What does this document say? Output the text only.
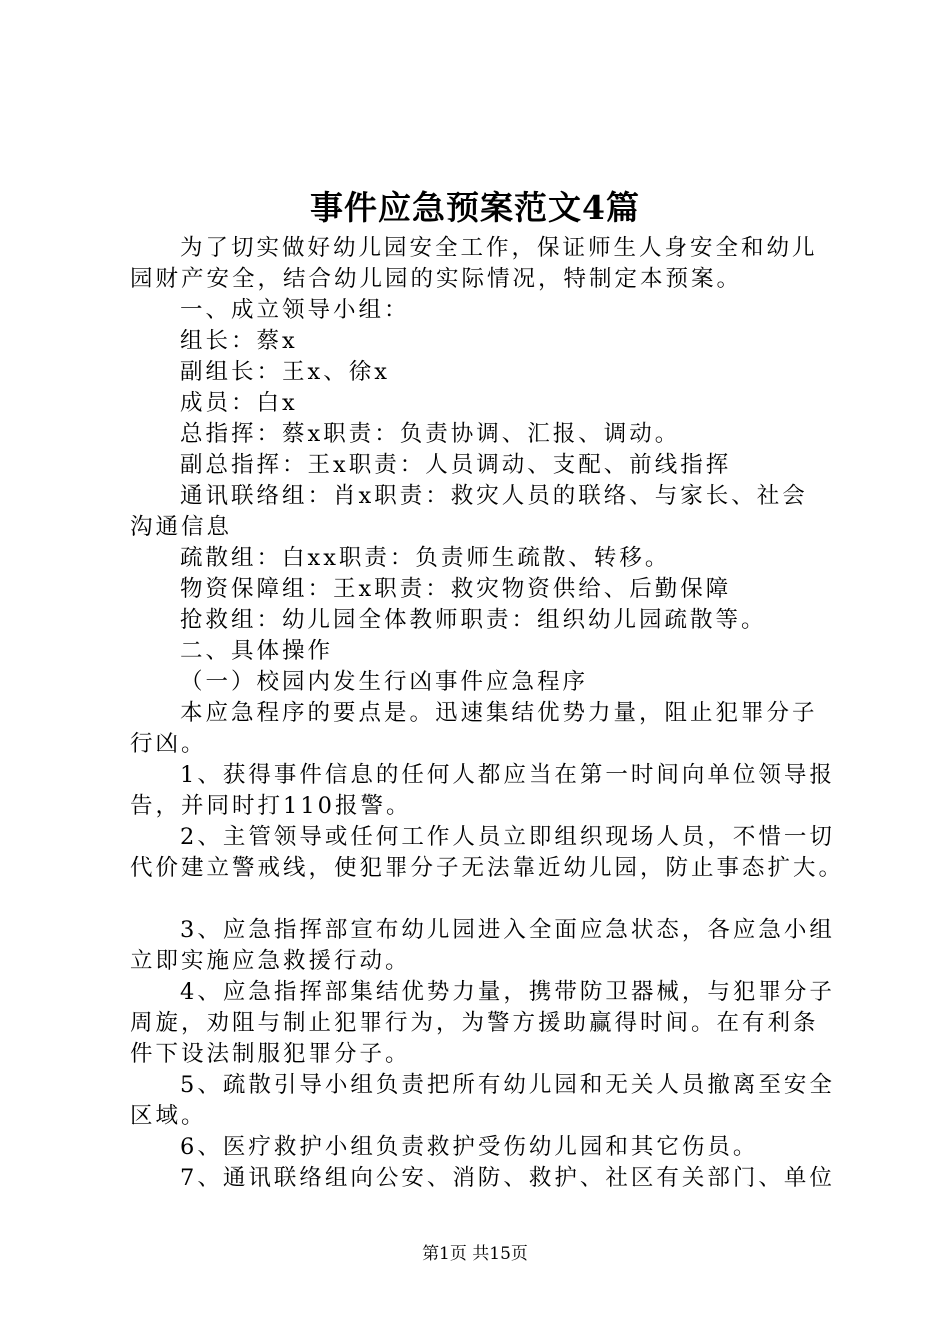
事件应急预案范文4篇

为了切实做好幼儿园安全工作，保证师生人身安全和幼儿

园财产安全，结合幼儿园的实际情况，特制定本预案。

一、成立领导小组：

组长：蔡x

副组长：王x、徐x

成员：白x

总指挥：蔡x职责：负责协调、汇报、调动。

副总指挥：王x职责：人员调动、支配、前线指挥

通讯联络组：肖x职责：救灾人员的联络、与家长、社会

沟通信息

疏散组：白xx职责：负责师生疏散、转移。

物资保障组：王x职责：救灾物资供给、后勤保障

抢救组：幼儿园全体教师职责：组织幼儿园疏散等。

二、具体操作

（一）校园内发生行凶事件应急程序

本应急程序的要点是。迅速集结优势力量，阻止犯罪分子

行凶。

1、获得事件信息的任何人都应当在第一时间向单位领导报

告，并同时打110报警。

2、主管领导或任何工作人员立即组织现场人员，不惜一切

代价建立警戒线，使犯罪分子无法靠近幼儿园，防止事态扩大。

3、应急指挥部宣布幼儿园进入全面应急状态，各应急小组

立即实施应急救援行动。

4、应急指挥部集结优势力量，携带防卫器械，与犯罪分子

周旋，劝阻与制止犯罪行为，为警方援助赢得时间。在有利条

件下设法制服犯罪分子。

5、疏散引导小组负责把所有幼儿园和无关人员撤离至安全

区域。

6、医疗救护小组负责救护受伤幼儿园和其它伤员。

7、通讯联络组向公安、消防、救护、社区有关部门、单位

第1页 共15页
